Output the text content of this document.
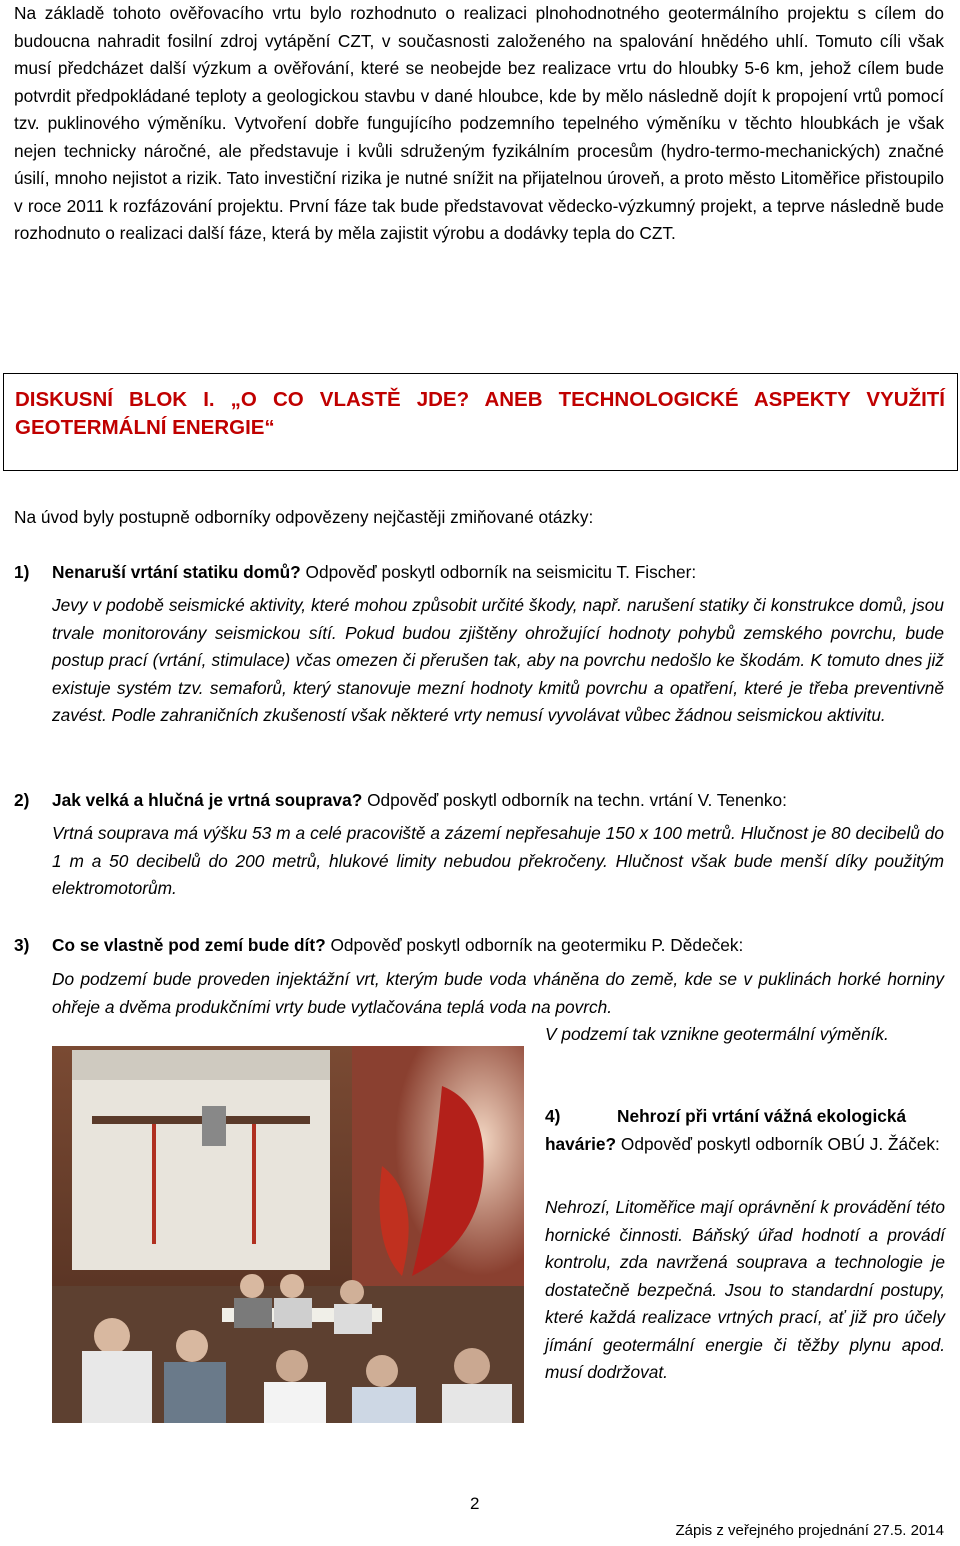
Na základě tohoto ověřovacího vrtu bylo rozhodnuto o realizaci plnohodnotného geotermálního projektu s cílem do budoucna nahradit fosilní zdroj vytápění CZT, v současnosti založeného na spalování hnědého uhlí. Tomuto cíli však musí předcházet další výzkum a ověřování, které se neobejde bez realizace vrtu do hloubky 5-6 km, jehož cílem bude potvrdit předpokládané teploty a geologickou stavbu v dané hloubce, kde by mělo následně dojít k propojení vrtů pomocí tzv. puklinového výměníku. Vytvoření dobře fungujícího podzemního tepelného výměníku v těchto hloubkách je však nejen technicky náročné, ale představuje i kvůli sdruženým fyzikálním procesům (hydro-termo-mechanických) značné úsilí, mnoho nejistot a rizik. Tato investiční rizika je nutné snížit na přijatelnou úroveň, a proto město Litoměřice přistoupilo v roce 2011 k rozfázování projektu. První fáze tak bude představovat vědecko-výzkumný projekt, a teprve následně bude rozhodnuto o realizaci další fáze, která by měla zajistit výrobu a dodávky tepla do CZT.

DISKUSNÍ BLOK I. „O CO VLASTĚ JDE? ANEB TECHNOLOGICKÉ ASPEKTY VYUŽITÍ GEOTERMÁLNÍ ENERGIE“

Na úvod byly postupně odborníky odpovězeny nejčastěji zmiňované otázky:

1) Nenaruší vrtání statiku domů? Odpověď poskytl odborník na seismicitu T. Fischer:

Jevy v podobě seismické aktivity, které mohou způsobit určité škody, např. narušení statiky či konstrukce domů, jsou trvale monitorovány seismickou sítí. Pokud budou zjištěny ohrožující hodnoty pohybů zemského povrchu, bude postup prací (vrtání, stimulace) včas omezen či přerušen tak, aby na povrchu nedošlo ke škodám. K tomuto dnes již existuje systém tzv. semaforů, který stanovuje mezní hodnoty kmitů povrchu a opatření, které je třeba preventivně zavést. Podle zahraničních zkušeností však některé vrty nemusí vyvolávat vůbec žádnou seismickou aktivitu.

2) Jak velká a hlučná je vrtná souprava? Odpověď poskytl odborník na techn. vrtání V. Tenenko:

Vrtná souprava má výšku 53 m a celé pracoviště a zázemí nepřesahuje 150 x 100 metrů. Hlučnost je 80 decibelů do 1 m a 50 decibelů do 200 metrů, hlukové limity nebudou překročeny. Hlučnost však bude menší díky použitým elektromotorům.

3) Co se vlastně pod zemí bude dít? Odpověď poskytl odborník na geotermiku P. Dědeček:

Do podzemí bude proveden injektážní vrt, kterým bude voda vháněna do země, kde se v puklinách horké horniny ohřeje a dvěma produkčními vrty bude vytlačována teplá voda na povrch.

V podzemí tak vznikne geotermální výměník.

4)	Nehrozí při vrtání vážná ekologická havárie? Odpověď poskytl odborník OBÚ J. Žáček:

Nehrozí, Litoměřice mají oprávnění k provádění této hornické činnosti. Báňský úřad hodnotí a provádí kontrolu, zda navržená souprava a technologie je dostatečně bezpečná. Jsou to standardní postupy, které každá realizace vrtných prací, ať již pro účely jímání geotermální energie či těžby plynu apod. musí dodržovat.

2
Zápis z veřejného projednání 27.5. 2014
